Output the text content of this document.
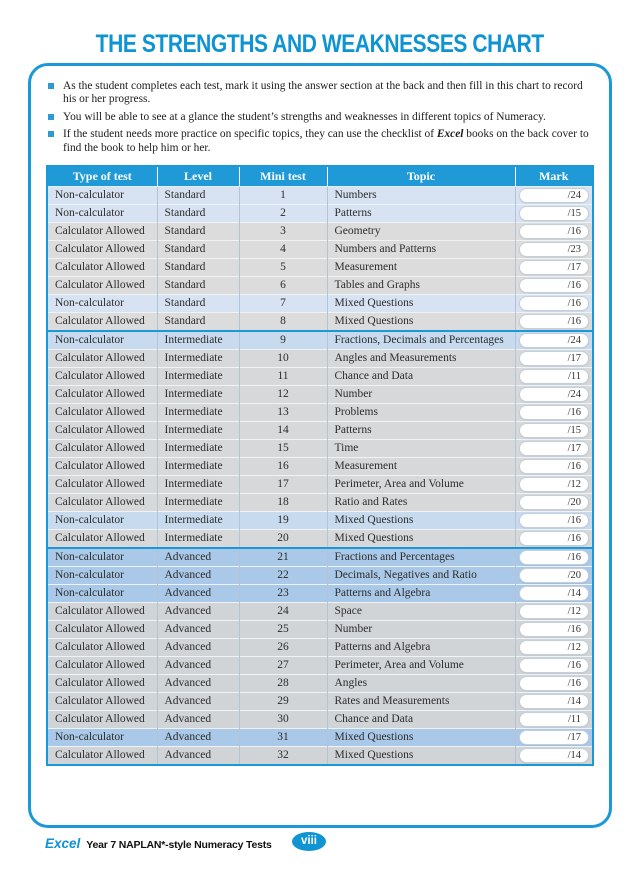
THE STRENGTHS AND WEAKNESSES CHART
As the student completes each test, mark it using the answer section at the back and then fill in this chart to record his or her progress.
You will be able to see at a glance the student’s strengths and weaknesses in different topics of Numeracy.
If the student needs more practice on specific topics, they can use the checklist of Excel books on the back cover to find the book to help him or her.
Type of test	Level	Mini test	Topic	Mark
Non-calculator	Standard	1	Numbers	/24

Non-calculator	Standard	2	Patterns	/15

Calculator Allowed	Standard	3	Geometry	/16

Calculator Allowed	Standard	4	Numbers and Patterns	/23

Calculator Allowed	Standard	5	Measurement	/17

Calculator Allowed	Standard	6	Tables and Graphs	/16

Non-calculator	Standard	7	Mixed Questions	/16

Calculator Allowed	Standard	8	Mixed Questions	/16

Non-calculator	Intermediate	9	Fractions, Decimals and Percentages	/24

Calculator Allowed	Intermediate	10	Angles and Measurements	/17

Calculator Allowed	Intermediate	11	Chance and Data	/11

Calculator Allowed	Intermediate	12	Number	/24

Calculator Allowed	Intermediate	13	Problems	/16

Calculator Allowed	Intermediate	14	Patterns	/15

Calculator Allowed	Intermediate	15	Time	/17

Calculator Allowed	Intermediate	16	Measurement	/16

Calculator Allowed	Intermediate	17	Perimeter, Area and Volume	/12

Calculator Allowed	Intermediate	18	Ratio and Rates	/20

Non-calculator	Intermediate	19	Mixed Questions	/16

Calculator Allowed	Intermediate	20	Mixed Questions	/16

Non-calculator	Advanced	21	Fractions and Percentages	/16

Non-calculator	Advanced	22	Decimals, Negatives and Ratio	/20

Non-calculator	Advanced	23	Patterns and Algebra	/14

Calculator Allowed	Advanced	24	Space	/12

Calculator Allowed	Advanced	25	Number	/16

Calculator Allowed	Advanced	26	Patterns and Algebra	/12

Calculator Allowed	Advanced	27	Perimeter, Area and Volume	/16

Calculator Allowed	Advanced	28	Angles	/16

Calculator Allowed	Advanced	29	Rates and Measurements	/14

Calculator Allowed	Advanced	30	Chance and Data	/11

Non-calculator	Advanced	31	Mixed Questions	/17

Calculator Allowed	Advanced	32	Mixed Questions	/14
Excel Year 7 NAPLAN*-style Numeracy Tests	viii
